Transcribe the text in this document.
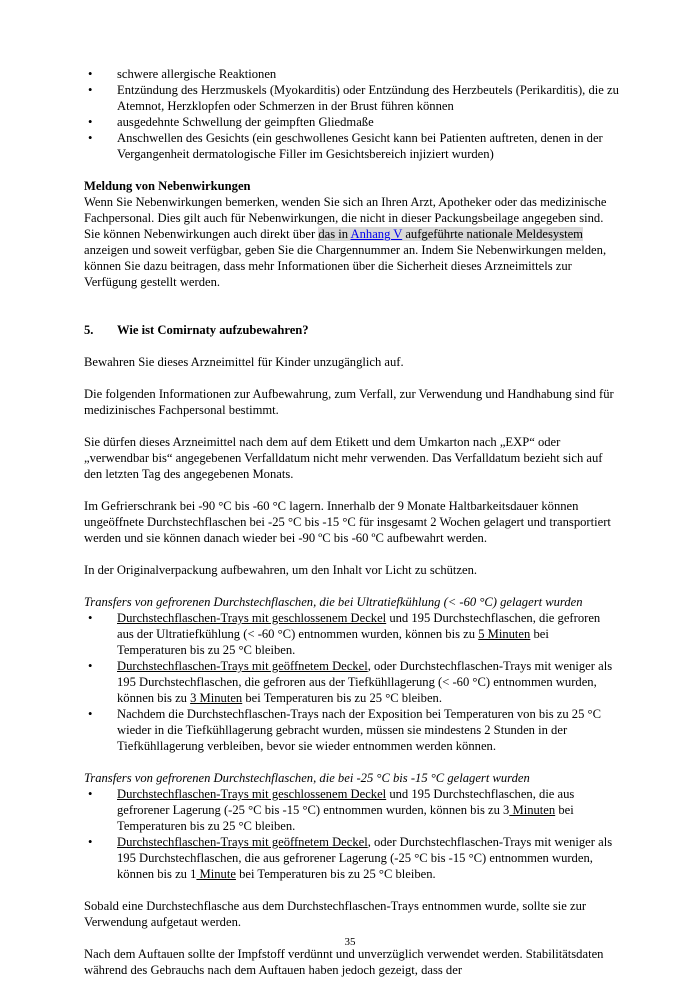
• schwere allergische Reaktionen
• Entzündung des Herzmuskels (Myokarditis) oder Entzündung des Herzbeutels (Perikarditis), die zu Atemnot, Herzklopfen oder Schmerzen in der Brust führen können
• ausgedehnte Schwellung der geimpften Gliedmaße
• Anschwellen des Gesichts (ein geschwollenes Gesicht kann bei Patienten auftreten, denen in der Vergangenheit dermatologische Filler im Gesichtsbereich injiziert wurden)

Meldung von Nebenwirkungen

Wenn Sie Nebenwirkungen bemerken, wenden Sie sich an Ihren Arzt, Apotheker oder das medizinische Fachpersonal. Dies gilt auch für Nebenwirkungen, die nicht in dieser Packungsbeilage angegeben sind. Sie können Nebenwirkungen auch direkt über das in Anhang V aufgeführte nationale Meldesystem anzeigen und soweit verfügbar, geben Sie die Chargennummer an. Indem Sie Nebenwirkungen melden, können Sie dazu beitragen, dass mehr Informationen über die Sicherheit dieses Arzneimittels zur Verfügung gestellt werden.

5.	Wie ist Comirnaty aufzubewahren?

Bewahren Sie dieses Arzneimittel für Kinder unzugänglich auf.

Die folgenden Informationen zur Aufbewahrung, zum Verfall, zur Verwendung und Handhabung sind für medizinisches Fachpersonal bestimmt.

Sie dürfen dieses Arzneimittel nach dem auf dem Etikett und dem Umkarton nach „EXP“ oder „verwendbar bis“ angegebenen Verfalldatum nicht mehr verwenden. Das Verfalldatum bezieht sich auf den letzten Tag des angegebenen Monats.

Im Gefrierschrank bei -90 °C bis -60 °C lagern. Innerhalb der 9 Monate Haltbarkeitsdauer können ungeöffnete Durchstechflaschen bei -25 °C bis -15 °C für insgesamt 2 Wochen gelagert und transportiert werden und sie können danach wieder bei -90 ºC bis -60 ºC aufbewahrt werden.

In der Originalverpackung aufbewahren, um den Inhalt vor Licht zu schützen.

Transfers von gefrorenen Durchstechflaschen, die bei Ultratiefkühlung (< -60 °C) gelagert wurden

• Durchstechflaschen-Trays mit geschlossenem Deckel und 195 Durchstechflaschen, die gefroren aus der Ultratiefkühlung (< -60 °C) entnommen wurden, können bis zu 5 Minuten bei Temperaturen bis zu 25 °C bleiben.
• Durchstechflaschen-Trays mit geöffnetem Deckel, oder Durchstechflaschen-Trays mit weniger als 195 Durchstechflaschen, die gefroren aus der Tiefkühllagerung (< -60 °C) entnommen wurden, können bis zu 3 Minuten bei Temperaturen bis zu 25 °C bleiben.
• Nachdem die Durchstechflaschen-Trays nach der Exposition bei Temperaturen von bis zu 25 °C wieder in die Tiefkühllagerung gebracht wurden, müssen sie mindestens 2 Stunden in der Tiefkühllagerung verbleiben, bevor sie wieder entnommen werden können.

Transfers von gefrorenen Durchstechflaschen, die bei -25 °C bis -15 °C gelagert wurden

• Durchstechflaschen-Trays mit geschlossenem Deckel und 195 Durchstechflaschen, die aus gefrorener Lagerung (-25 °C bis -15 °C) entnommen wurden, können bis zu 3 Minuten bei Temperaturen bis zu 25 °C bleiben.
• Durchstechflaschen-Trays mit geöffnetem Deckel, oder Durchstechflaschen-Trays mit weniger als 195 Durchstechflaschen, die aus gefrorener Lagerung (-25 °C bis -15 °C) entnommen wurden, können bis zu 1 Minute bei Temperaturen bis zu 25 °C bleiben.

Sobald eine Durchstechflasche aus dem Durchstechflaschen-Trays entnommen wurde, sollte sie zur Verwendung aufgetaut werden.

Nach dem Auftauen sollte der Impfstoff verdünnt und unverzüglich verwendet werden. Stabilitätsdaten während des Gebrauchs nach dem Auftauen haben jedoch gezeigt, dass der

35
